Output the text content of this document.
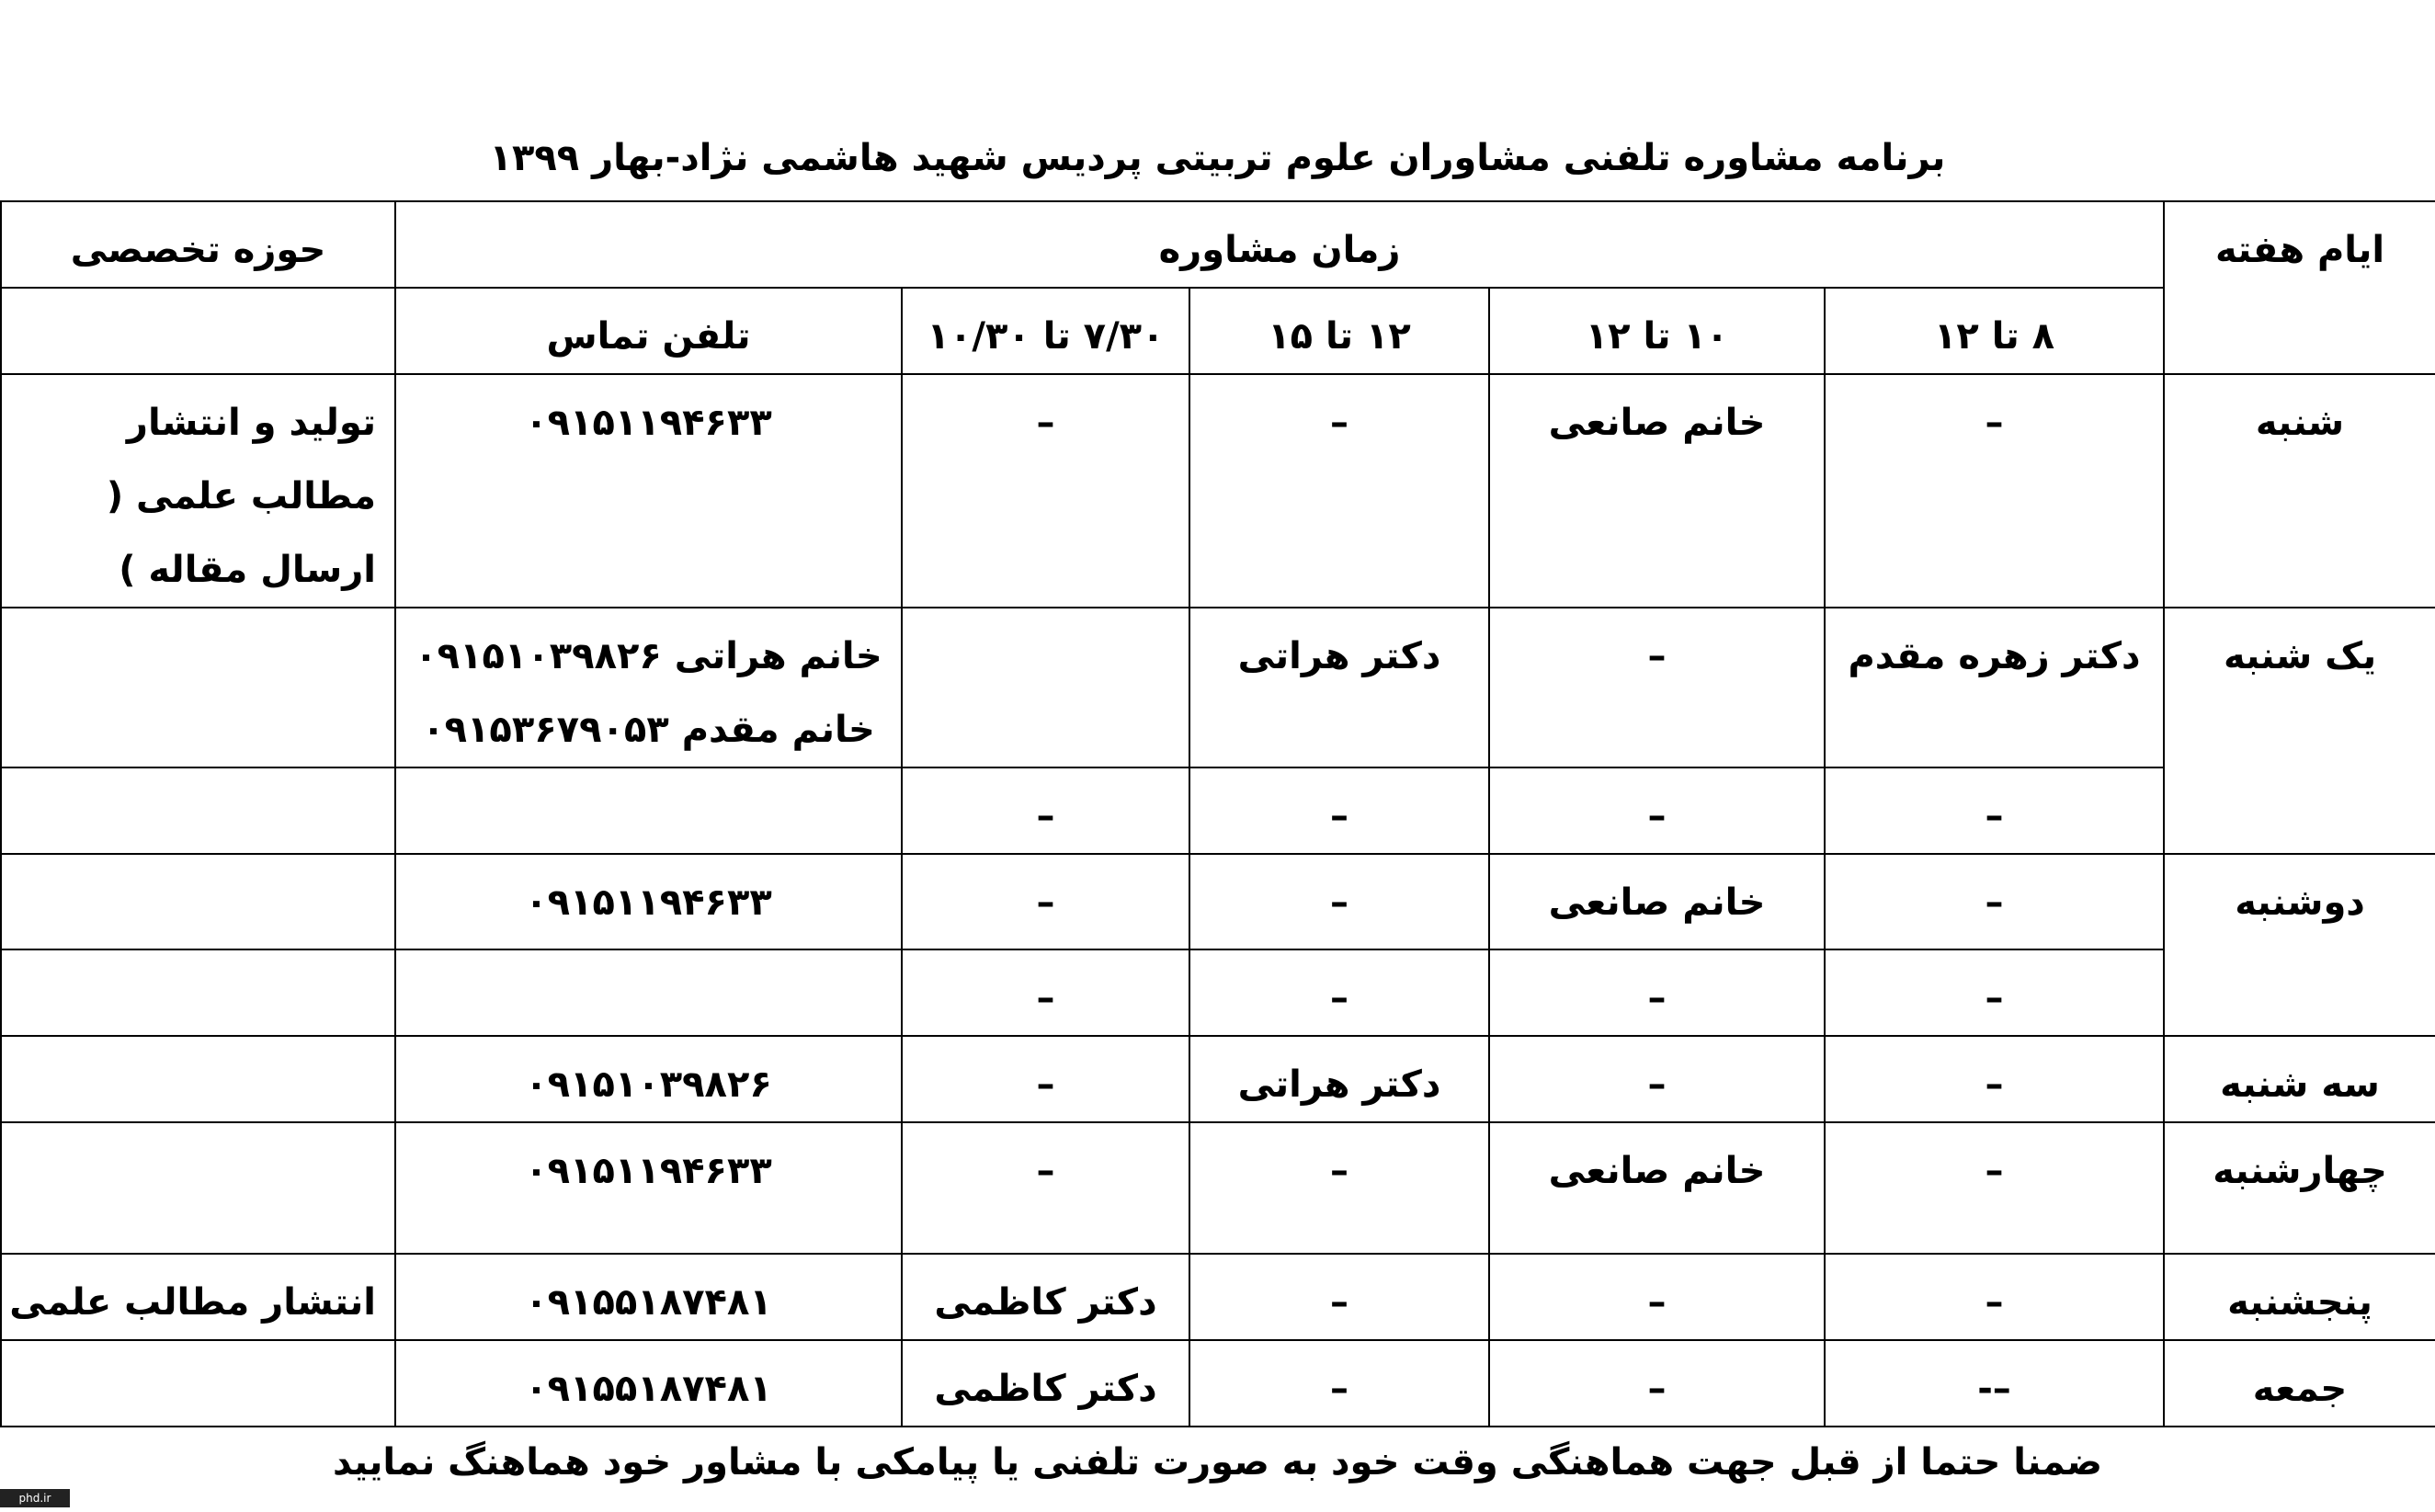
برنامه مشاوره تلفنی مشاوران علوم تربیتی پردیس شهید هاشمی نژاد-بهار ۱۳۹۹
ایام هفته	زمان مشاوره					حوزه تخصصی
	۸ تا ۱۲	۱۰ تا ۱۲	۱۲ تا ۱۵	۷/۳۰ تا ۱۰/۳۰	تلفن تماس	
شنبه	–	خانم صانعی	–	–	۰۹۱۵۱۱۹۴۶۳۳	تولید و انتشار
مطالب علمی (
ارسال مقاله )

یک شنبه	دکتر زهره مقدم	–	دکتر هراتی		خانم هراتی ۰۹۱۵۱۰۳۹۸۲۶
خانم مقدم ۰۹۱۵۳۶۷۹۰۵۳	

	–	–	–	–		
دوشنبه	–	خانم صانعی	–	–	۰۹۱۵۱۱۹۴۶۳۳	
	–	–	–	–		
سه شنبه	–	–	دکتر هراتی	–	۰۹۱۵۱۰۳۹۸۲۶	
چهارشنبه	–	خانم صانعی	–	–	۰۹۱۵۱۱۹۴۶۳۳	
پنجشنبه	–	–	–	دکتر کاظمی	۰۹۱۵۵۱۸۷۴۸۱	انتشار مطالب علمی
جمعه	–-	–	–	دکتر کاظمی	۰۹۱۵۵۱۸۷۴۸۱	
ضمنا حتما از قبل جهت هماهنگی وقت خود به صورت تلفنی یا پیامکی با مشاور خود هماهنگ نمایید
phd.ir
